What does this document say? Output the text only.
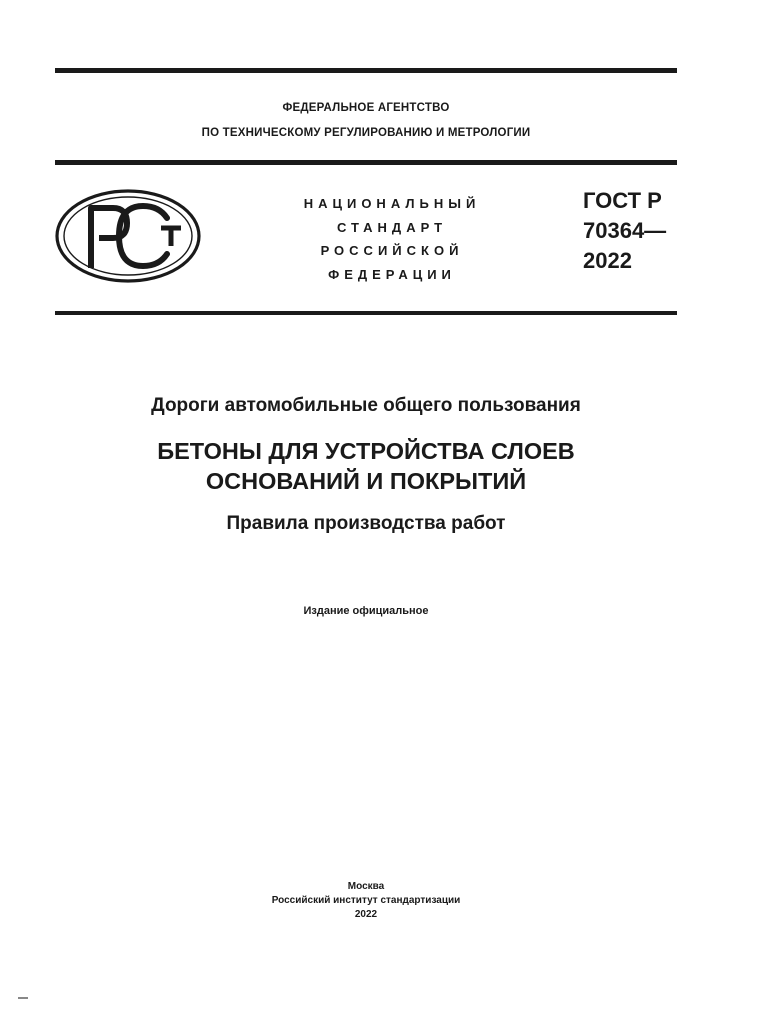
ФЕДЕРАЛЬНОЕ АГЕНТСТВО
ПО ТЕХНИЧЕСКОМУ РЕГУЛИРОВАНИЮ И МЕТРОЛОГИИ
НАЦИОНАЛЬНЫЙ
СТАНДАРТ
РОССИЙСКОЙ
ФЕДЕРАЦИИ
ГОСТ Р
70364—
2022
Дороги автомобильные общего пользования
БЕТОНЫ ДЛЯ УСТРОЙСТВА СЛОЕВ
ОСНОВАНИЙ И ПОКРЫТИЙ
Правила производства работ
Издание официальное
Москва
Российский институт стандартизации
2022
